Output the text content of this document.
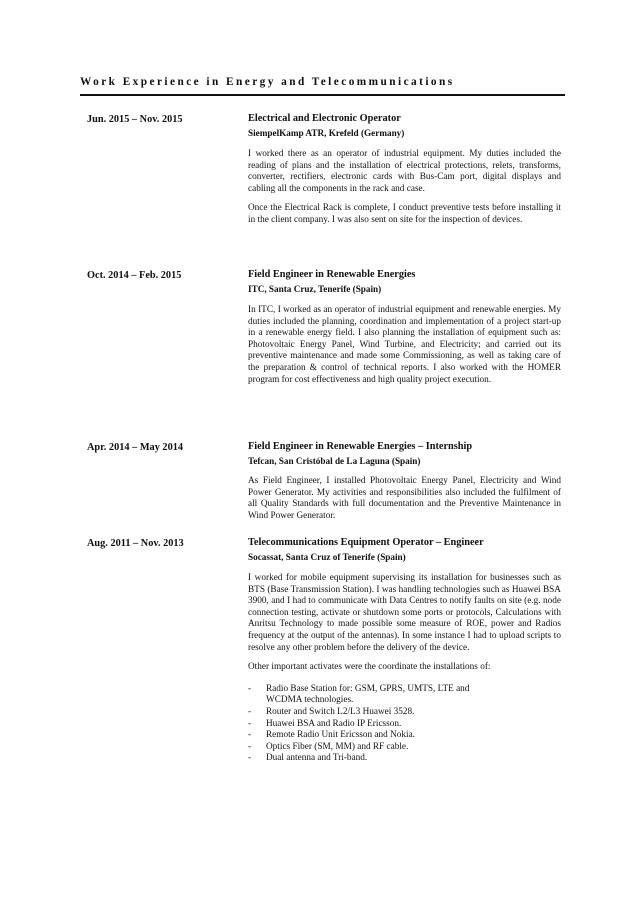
Work Experience in Energy and Telecommunications
Jun. 2015 – Nov. 2015	Electrical and Electronic Operator
SiempelKamp ATR, Krefeld (Germany)

I worked there as an operator of industrial equipment. My duties included the reading of plans and the installation of electrical protections, relets, transforms, converter, rectifiers, electronic cards with Bus-Cam port, digital displays and cabling all the components in the rack and case.

Once the Electrical Rack is complete, I conduct preventive tests before installing it in the client company. I was also sent on site for the inspection of devices.

Oct. 2014 – Feb. 2015	Field Engineer in Renewable Energies
ITC, Santa Cruz, Tenerife (Spain)

In ITC, I worked as an operator of industrial equipment and renewable energies. My duties included the planning, coordination and implementation of a project start-up in a renewable energy field. I also planning the installation of equipment such as: Photovoltaic Energy Panel, Wind Turbine, and Electricity; and carried out its preventive maintenance and made some Commissioning, as well as taking care of the preparation & control of technical reports. I also worked with the HOMER program for cost effectiveness and high quality project execution.

Apr. 2014 – May 2014	Field Engineer in Renewable Energies – Internship
Tefcan, San Cristóbal de La Laguna (Spain)

As Field Engineer, I installed Photovoltaic Energy Panel, Electricity and Wind Power Generator. My activities and responsibilities also included the fulfilment of all Quality Standards with full documentation and the Preventive Maintenance in Wind Power Generator.

Aug. 2011 – Nov. 2013	Telecommunications Equipment Operator – Engineer
Socassat, Santa Cruz of Tenerife (Spain)

I worked for mobile equipment supervising its installation for businesses such as BTS (Base Transmission Station). I was handling technologies such as Huawei BSA 3900, and I had to communicate with Data Centres to notify faults on site (e.g. node connection testing, activate or shutdown some ports or protocols, Calculations with Anritsu Technology to made possible some measure of ROE, power and Radios frequency at the output of the antennas). In some instance I had to upload scripts to resolve any other problem before the delivery of the device.

Other important activates were the coordinate the installations of:

- Radio Base Station for: GSM, GPRS, UMTS, LTE and WCDMA technologies.
- Router and Switch L2/L3 Huawei 3528.
- Huawei BSA and Radio IP Ericsson.
- Remote Radio Unit Ericsson and Nokia.
- Optics Fiber (SM, MM) and RF cable.
- Dual antenna and Tri-band.
